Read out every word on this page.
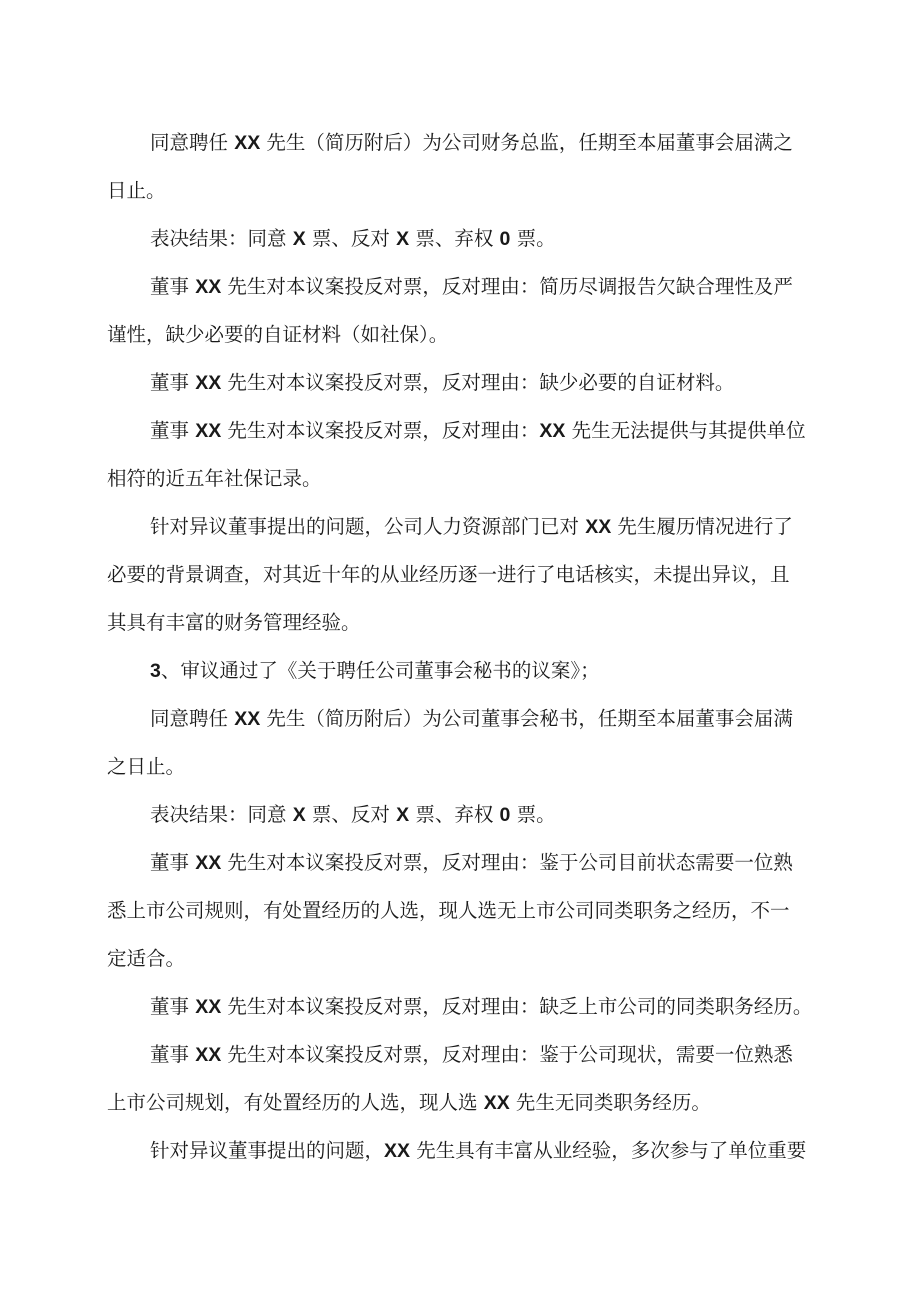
同意聘任 XX 先生（简历附后）为公司财务总监，任期至本届董事会届满之
日止。
表决结果：同意 X 票、反对 X 票、弃权 0 票。
董事 XX 先生对本议案投反对票，反对理由：简历尽调报告欠缺合理性及严
谨性，缺少必要的自证材料（如社保）。
董事 XX 先生对本议案投反对票，反对理由：缺少必要的自证材料。
董事 XX 先生对本议案投反对票，反对理由：XX 先生无法提供与其提供单位
相符的近五年社保记录。
针对异议董事提出的问题，公司人力资源部门已对 XX 先生履历情况进行了
必要的背景调查，对其近十年的从业经历逐一进行了电话核实，未提出异议，且
其具有丰富的财务管理经验。
3、审议通过了《关于聘任公司董事会秘书的议案》；
同意聘任 XX 先生（简历附后）为公司董事会秘书，任期至本届董事会届满
之日止。
表决结果：同意 X 票、反对 X 票、弃权 0 票。
董事 XX 先生对本议案投反对票，反对理由：鉴于公司目前状态需要一位熟
悉上市公司规则，有处置经历的人选，现人选无上市公司同类职务之经历，不一
定适合。
董事 XX 先生对本议案投反对票，反对理由：缺乏上市公司的同类职务经历。
董事 XX 先生对本议案投反对票，反对理由：鉴于公司现状，需要一位熟悉
上市公司规划，有处置经历的人选，现人选 XX 先生无同类职务经历。
针对异议董事提出的问题，XX 先生具有丰富从业经验，多次参与了单位重要
